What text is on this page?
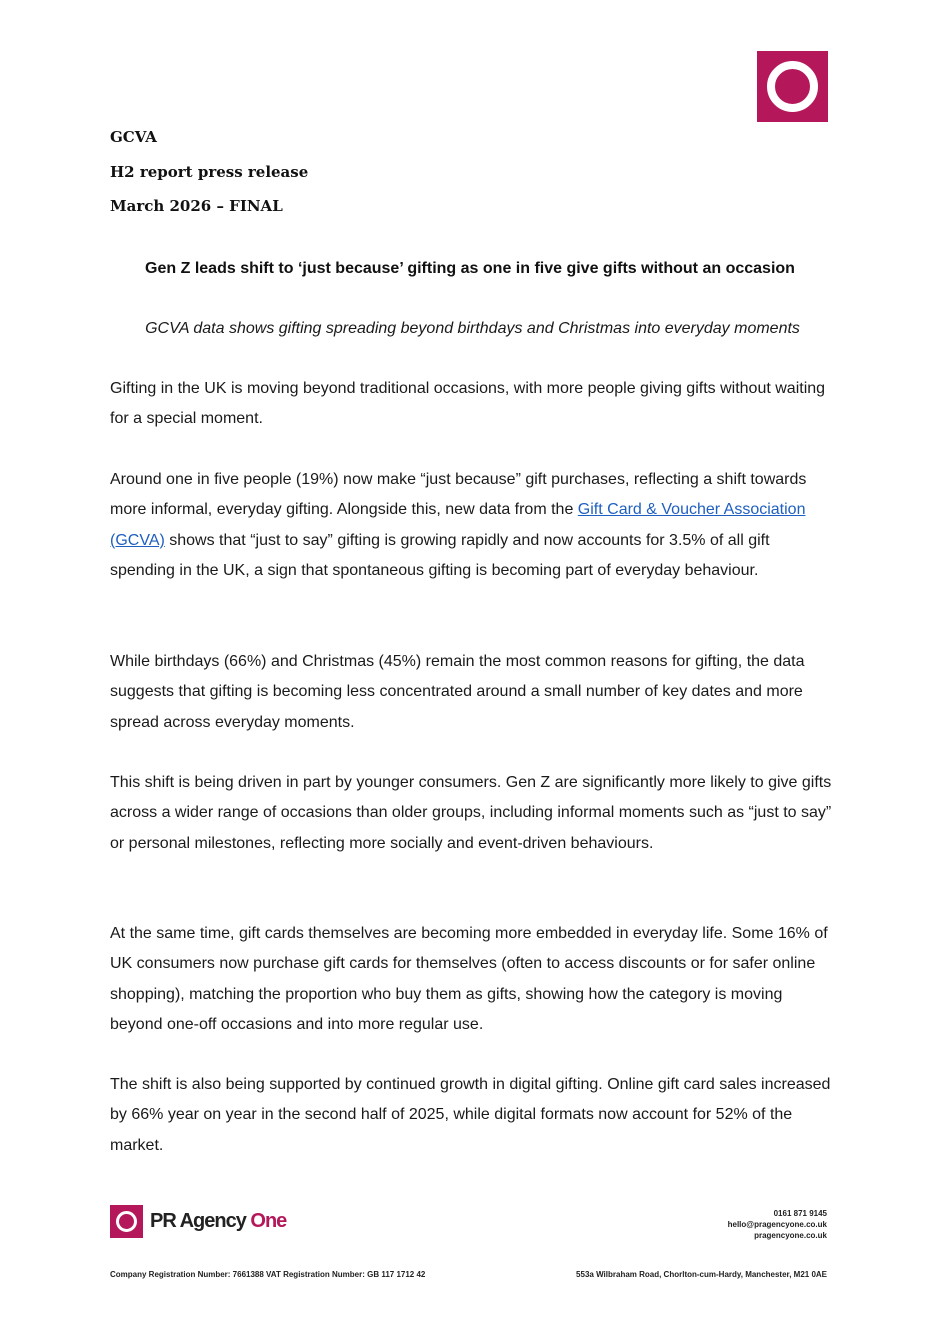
GCVA
H2 report press release
March 2026 – FINAL
Gen Z leads shift to ‘just because’ gifting as one in five give gifts without an occasion
GCVA data shows gifting spreading beyond birthdays and Christmas into everyday moments

Gifting in the UK is moving beyond traditional occasions, with more people giving gifts without waiting for a special moment.

Around one in five people (19%) now make “just because” gift purchases, reflecting a shift towards more informal, everyday gifting. Alongside this, new data from the Gift Card & Voucher Association (GCVA) shows that “just to say” gifting is growing rapidly and now accounts for 3.5% of all gift spending in the UK, a sign that spontaneous gifting is becoming part of everyday behaviour.

While birthdays (66%) and Christmas (45%) remain the most common reasons for gifting, the data suggests that gifting is becoming less concentrated around a small number of key dates and more spread across everyday moments.

This shift is being driven in part by younger consumers. Gen Z are significantly more likely to give gifts across a wider range of occasions than older groups, including informal moments such as “just to say” or personal milestones, reflecting more socially and event-driven behaviours.

At the same time, gift cards themselves are becoming more embedded in everyday life. Some 16% of UK consumers now purchase gift cards for themselves (often to access discounts or for safer online shopping), matching the proportion who buy them as gifts, showing how the category is moving beyond one-off occasions and into more regular use.

The shift is also being supported by continued growth in digital gifting. Online gift card sales increased by 66% year on year in the second half of 2025, while digital formats now account for 52% of the market.

PR Agency One	0161 871 9145
hello@pragencyone.co.uk
pragencyone.co.uk
Company Registration Number: 7661388 VAT Registration Number: GB 117 1712 42	553a Wilbraham Road, Chorlton-cum-Hardy, Manchester, M21 0AE
